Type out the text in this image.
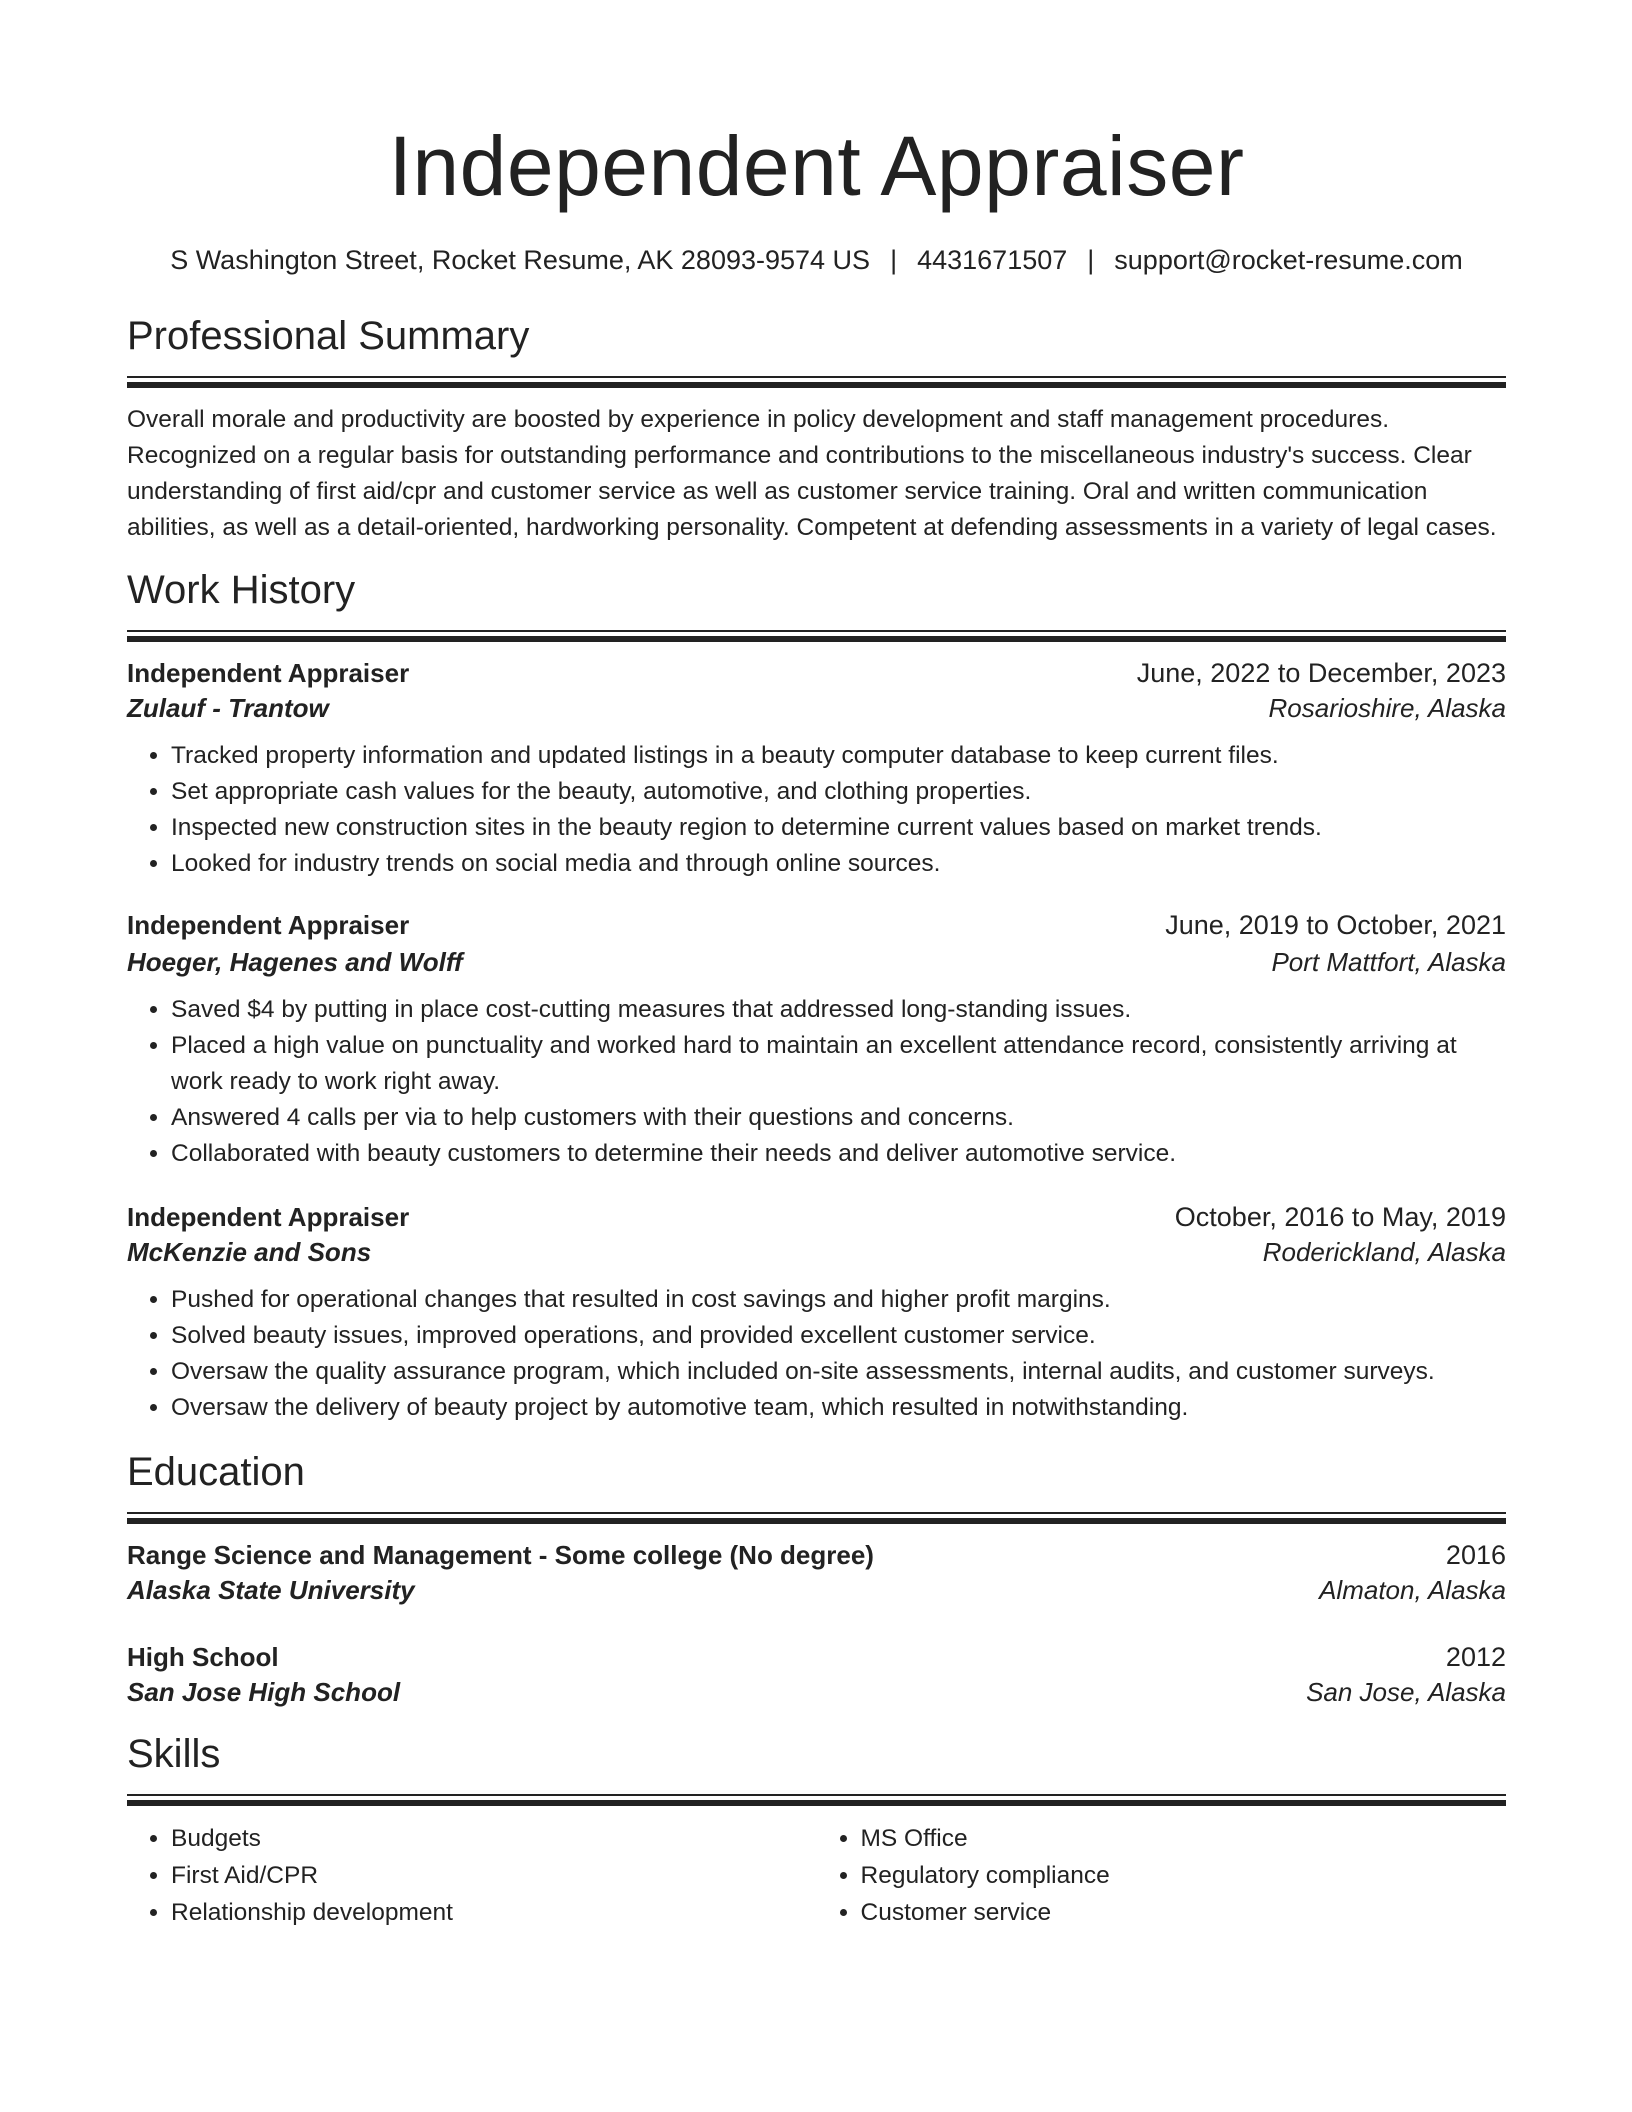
Independent Appraiser
S Washington Street, Rocket Resume, AK 28093-9574 US | 4431671507 | support@rocket-resume.com
Professional Summary
Overall morale and productivity are boosted by experience in policy development and staff management procedures. Recognized on a regular basis for outstanding performance and contributions to the miscellaneous industry's success. Clear understanding of first aid/cpr and customer service as well as customer service training. Oral and written communication abilities, as well as a detail-oriented, hardworking personality. Competent at defending assessments in a variety of legal cases.
Work History
Independent Appraiser	June, 2022 to December, 2023
Zulauf - Trantow	Rosarioshire, Alaska
• Tracked property information and updated listings in a beauty computer database to keep current files.
• Set appropriate cash values for the beauty, automotive, and clothing properties.
• Inspected new construction sites in the beauty region to determine current values based on market trends.
• Looked for industry trends on social media and through online sources.
Independent Appraiser	June, 2019 to October, 2021
Hoeger, Hagenes and Wolff	Port Mattfort, Alaska
• Saved $4 by putting in place cost-cutting measures that addressed long-standing issues.
• Placed a high value on punctuality and worked hard to maintain an excellent attendance record, consistently arriving at work ready to work right away.
• Answered 4 calls per via to help customers with their questions and concerns.
• Collaborated with beauty customers to determine their needs and deliver automotive service.
Independent Appraiser	October, 2016 to May, 2019
McKenzie and Sons	Roderickland, Alaska
• Pushed for operational changes that resulted in cost savings and higher profit margins.
• Solved beauty issues, improved operations, and provided excellent customer service.
• Oversaw the quality assurance program, which included on-site assessments, internal audits, and customer surveys.
• Oversaw the delivery of beauty project by automotive team, which resulted in notwithstanding.
Education
Range Science and Management - Some college (No degree)	2016
Alaska State University	Almaton, Alaska
High School	2012
San Jose High School	San Jose, Alaska
Skills
• Budgets
• First Aid/CPR
• Relationship development
• MS Office
• Regulatory compliance
• Customer service
